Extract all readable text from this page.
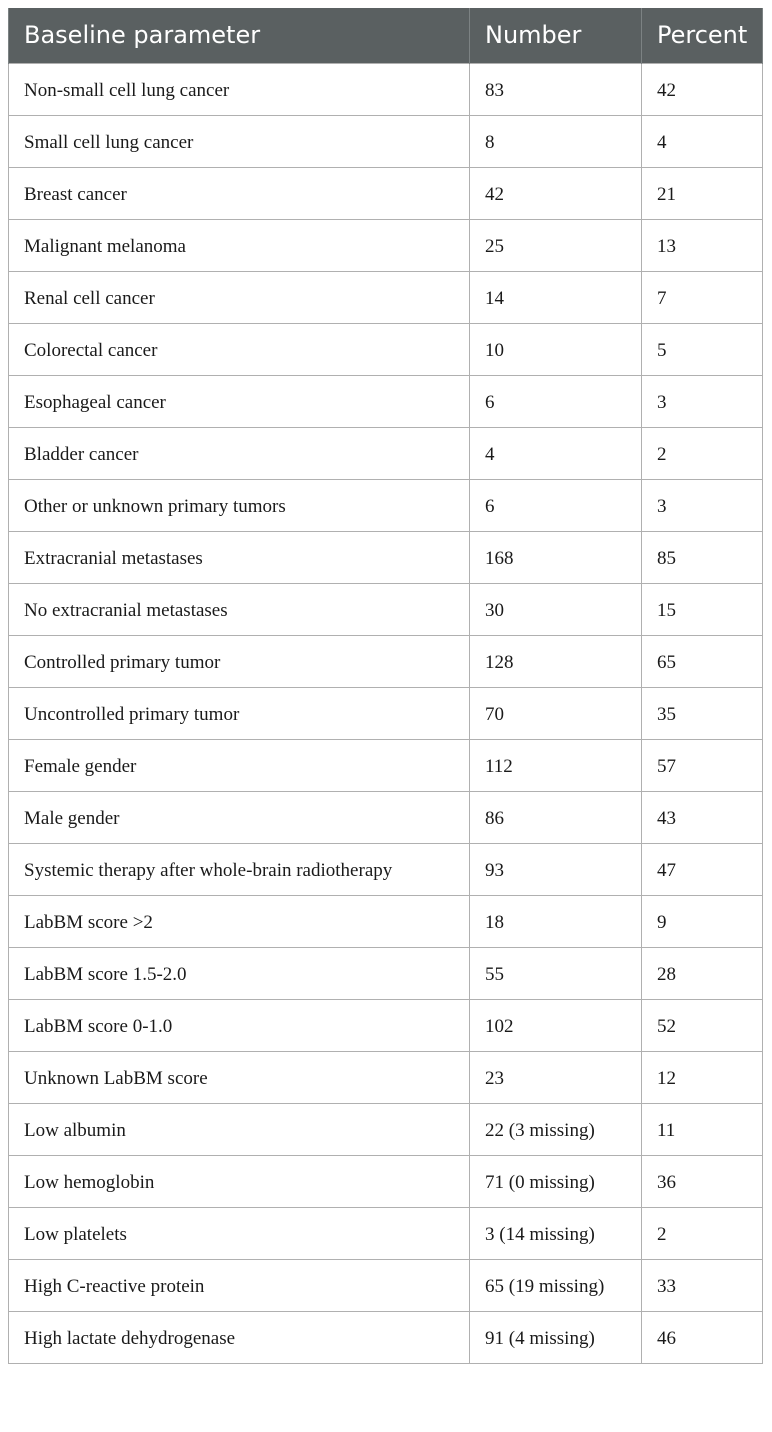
Baseline parameter	Number	Percent
Non-small cell lung cancer	83	42
Small cell lung cancer	8	4
Breast cancer	42	21
Malignant melanoma	25	13
Renal cell cancer	14	7
Colorectal cancer	10	5
Esophageal cancer	6	3
Bladder cancer	4	2
Other or unknown primary tumors	6	3
Extracranial metastases	168	85
No extracranial metastases	30	15
Controlled primary tumor	128	65
Uncontrolled primary tumor	70	35
Female gender	112	57
Male gender	86	43
Systemic therapy after whole-brain radiotherapy	93	47
LabBM score >2	18	9
LabBM score 1.5-2.0	55	28
LabBM score 0-1.0	102	52
Unknown LabBM score	23	12
Low albumin	22 (3 missing)	11
Low hemoglobin	71 (0 missing)	36
Low platelets	3 (14 missing)	2
High C-reactive protein	65 (19 missing)	33
High lactate dehydrogenase	91 (4 missing)	46
